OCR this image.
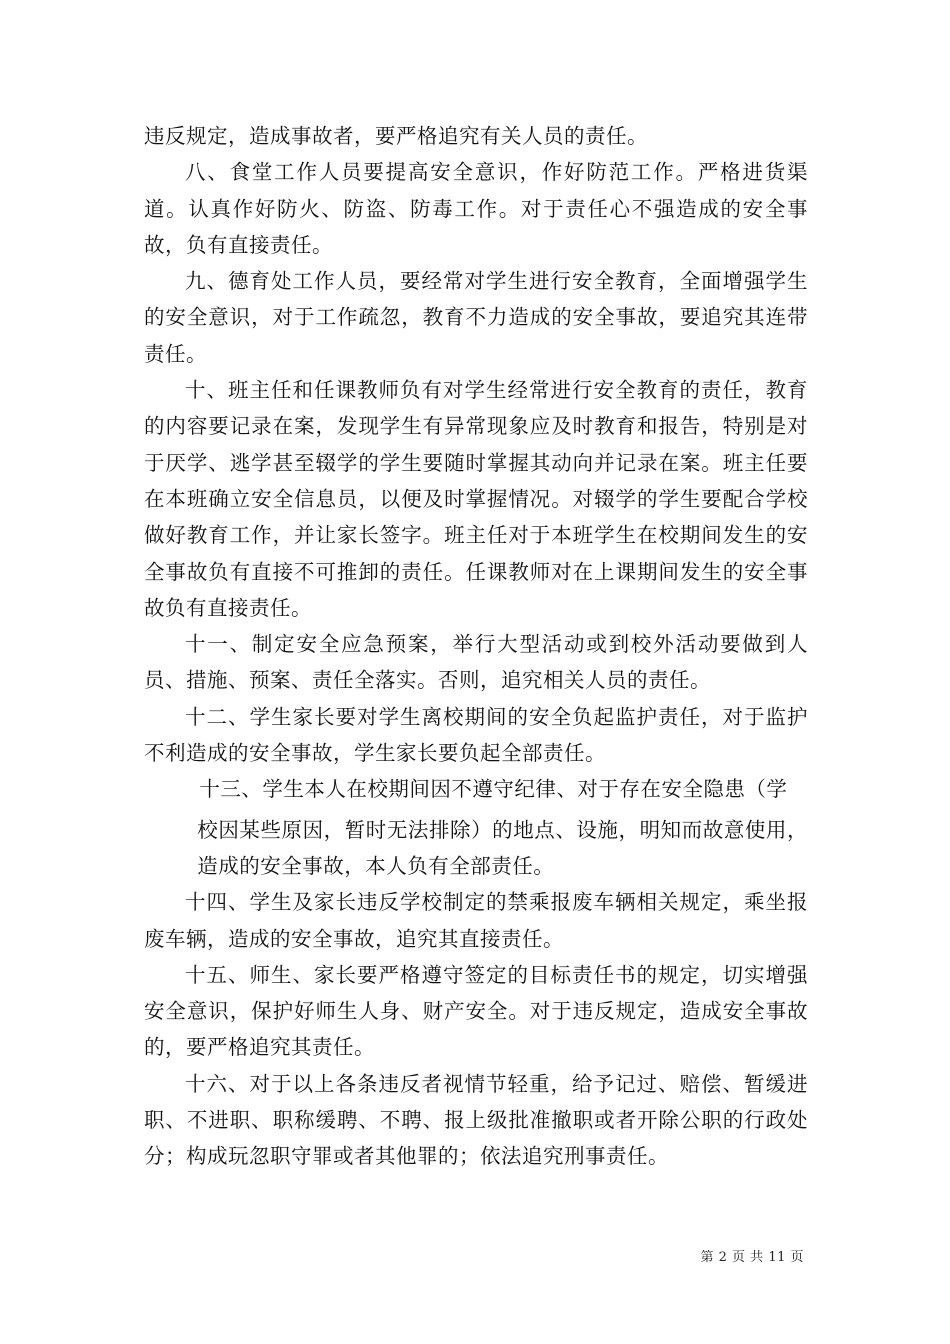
违反规定，造成事故者，要严格追究有关人员的责任。

八、食堂工作人员要提高安全意识，作好防范工作。严格进货渠道。认真作好防火、防盗、防毒工作。对于责任心不强造成的安全事故，负有直接责任。

九、德育处工作人员，要经常对学生进行安全教育，全面增强学生的安全意识，对于工作疏忽，教育不力造成的安全事故，要追究其连带责任。

十、班主任和任课教师负有对学生经常进行安全教育的责任，教育的内容要记录在案，发现学生有异常现象应及时教育和报告，特别是对于厌学、逃学甚至辍学的学生要随时掌握其动向并记录在案。班主任要在本班确立安全信息员，以便及时掌握情况。对辍学的学生要配合学校做好教育工作，并让家长签字。班主任对于本班学生在校期间发生的安全事故负有直接不可推卸的责任。任课教师对在上课期间发生的安全事故负有直接责任。

十一、制定安全应急预案，举行大型活动或到校外活动要做到人员、措施、预案、责任全落实。否则，追究相关人员的责任。

十二、学生家长要对学生离校期间的安全负起监护责任，对于监护不利造成的安全事故，学生家长要负起全部责任。

十三、学生本人在校期间因不遵守纪律、对于存在安全隐患（学

校因某些原因，暂时无法排除）的地点、设施，明知而故意使用，造成的安全事故，本人负有全部责任。

十四、学生及家长违反学校制定的禁乘报废车辆相关规定，乘坐报废车辆，造成的安全事故，追究其直接责任。

十五、师生、家长要严格遵守签定的目标责任书的规定，切实增强安全意识，保护好师生人身、财产安全。对于违反规定，造成安全事故的，要严格追究其责任。

十六、对于以上各条违反者视情节轻重，给予记过、赔偿、暂缓进职、不进职、职称缓聘、不聘、报上级批准撤职或者开除公职的行政处分；构成玩忽职守罪或者其他罪的；依法追究刑事责任。

第 2 页 共 11 页
